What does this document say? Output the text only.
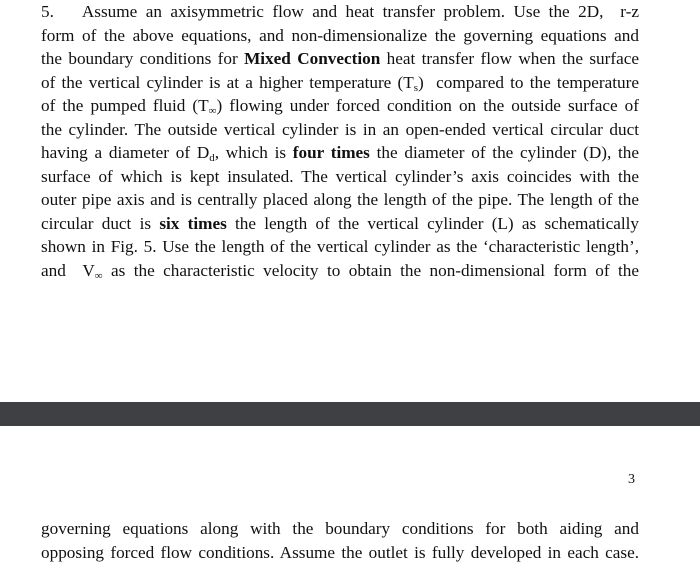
5. Assume an axisymmetric flow and heat transfer problem. Use the 2D,  r-z
form of the above equations, and non-dimensionalize the governing equations and
the boundary conditions for Mixed Convection heat transfer flow when the surface
of the vertical cylinder is at a higher temperature (Ts)  compared to the temperature
of the pumped fluid (T∞) flowing under forced condition on the outside surface of
the cylinder. The outside vertical cylinder is in an open-ended vertical circular duct
having a diameter of Dd, which is four times the diameter of the cylinder (D), the
surface of which is kept insulated. The vertical cylinder’s axis coincides with the
outer pipe axis and is centrally placed along the length of the pipe. The length of the
circular duct is six times the length of the vertical cylinder (L) as schematically
shown in Fig. 5. Use the length of the vertical cylinder as the ‘characteristic length’,
and  V∞ as the characteristic velocity to obtain the non-dimensional form of the
3
governing equations along with the boundary conditions for both aiding and
opposing forced flow conditions. Assume the outlet is fully developed in each case.
